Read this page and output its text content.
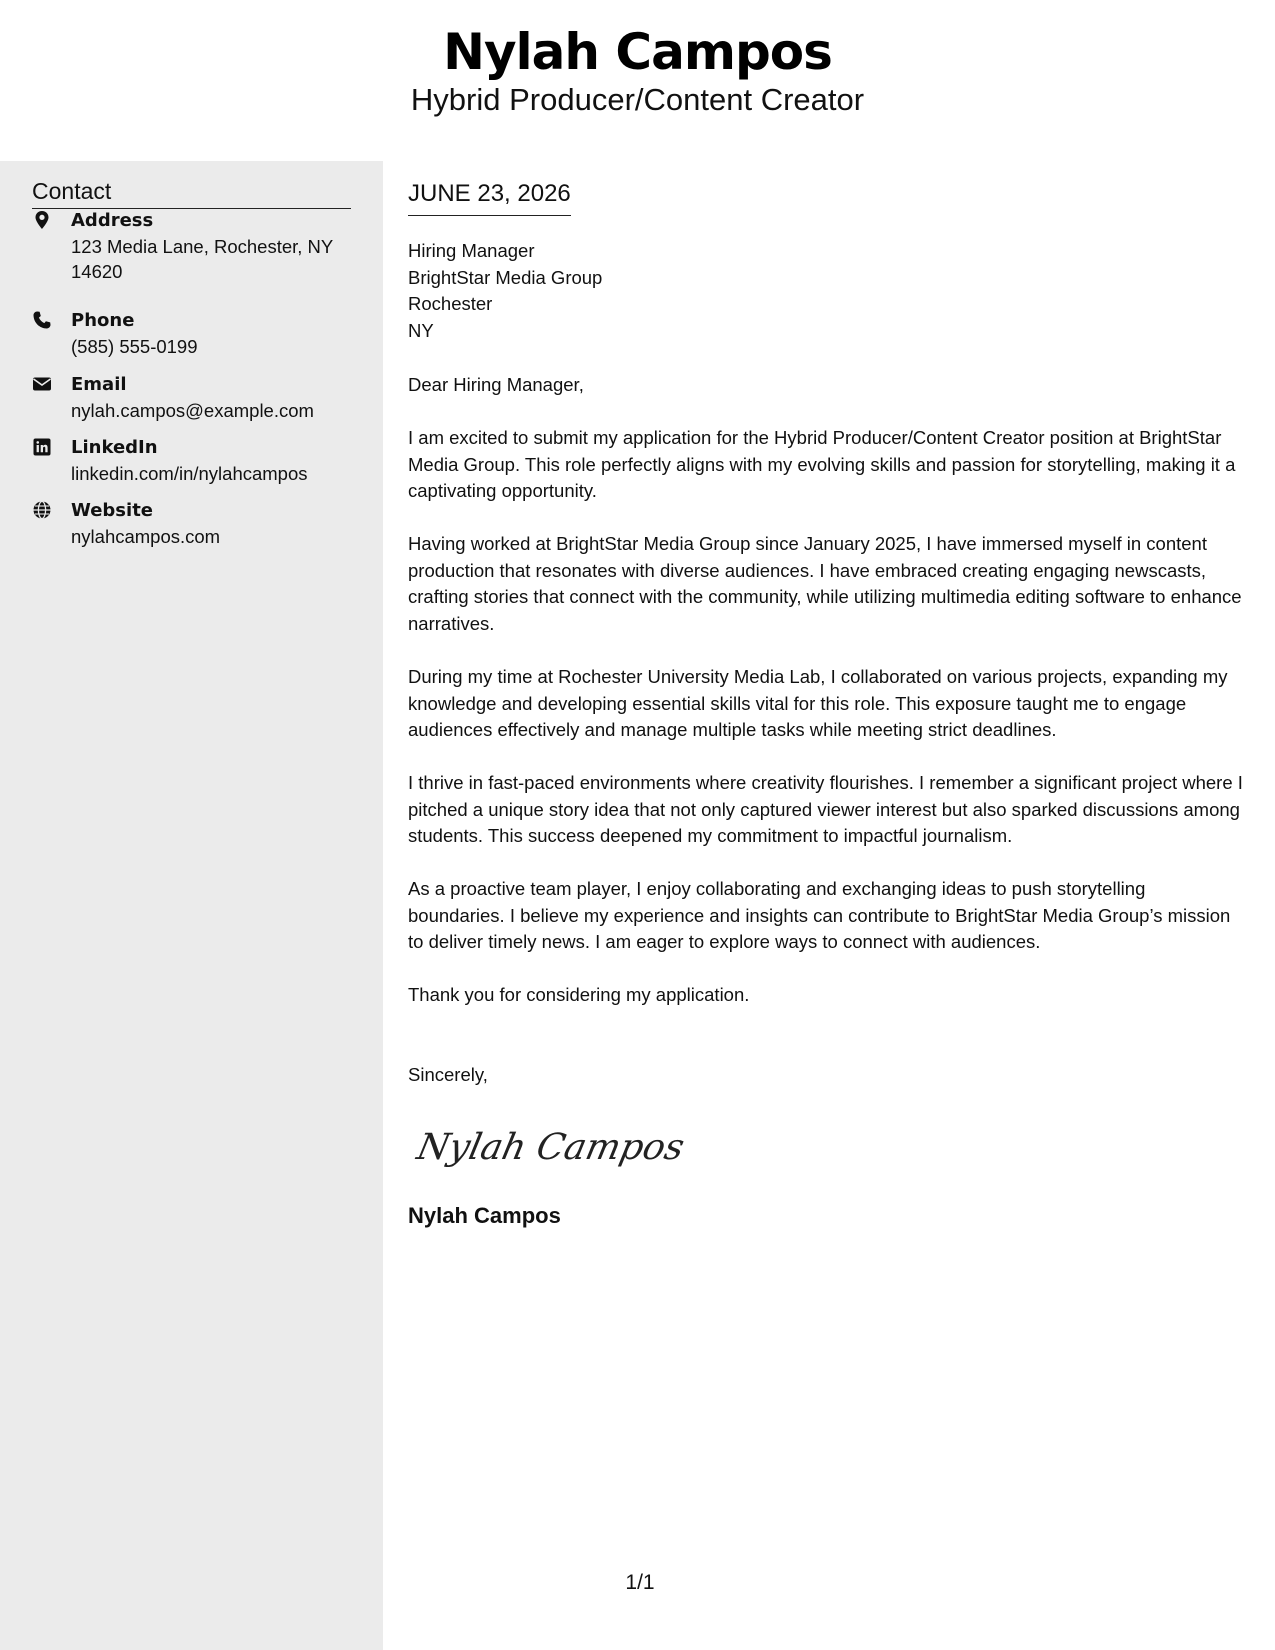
Nylah Campos
Hybrid Producer/Content Creator
Contact
Address
123 Media Lane, Rochester, NY 14620
Phone
(585) 555-0199
Email
nylah.campos@example.com
LinkedIn
linkedin.com/in/nylahcampos
Website
nylahcampos.com
JUNE 23, 2026
Hiring Manager
BrightStar Media Group
Rochester
NY

Dear Hiring Manager,

I am excited to submit my application for the Hybrid Producer/Content Creator position at BrightStar Media Group. This role perfectly aligns with my evolving skills and passion for storytelling, making it a captivating opportunity.

Having worked at BrightStar Media Group since January 2025, I have immersed myself in content production that resonates with diverse audiences. I have embraced creating engaging newscasts, crafting stories that connect with the community, while utilizing multimedia editing software to enhance narratives.

During my time at Rochester University Media Lab, I collaborated on various projects, expanding my knowledge and developing essential skills vital for this role. This exposure taught me to engage audiences effectively and manage multiple tasks while meeting strict deadlines.

I thrive in fast-paced environments where creativity flourishes. I remember a significant project where I pitched a unique story idea that not only captured viewer interest but also sparked discussions among students. This success deepened my commitment to impactful journalism.

As a proactive team player, I enjoy collaborating and exchanging ideas to push storytelling boundaries. I believe my experience and insights can contribute to BrightStar Media Group’s mission to deliver timely news. I am eager to explore ways to connect with audiences.

Thank you for considering my application.

Sincerely,

Nylah Campos
Nylah Campos
1/1
